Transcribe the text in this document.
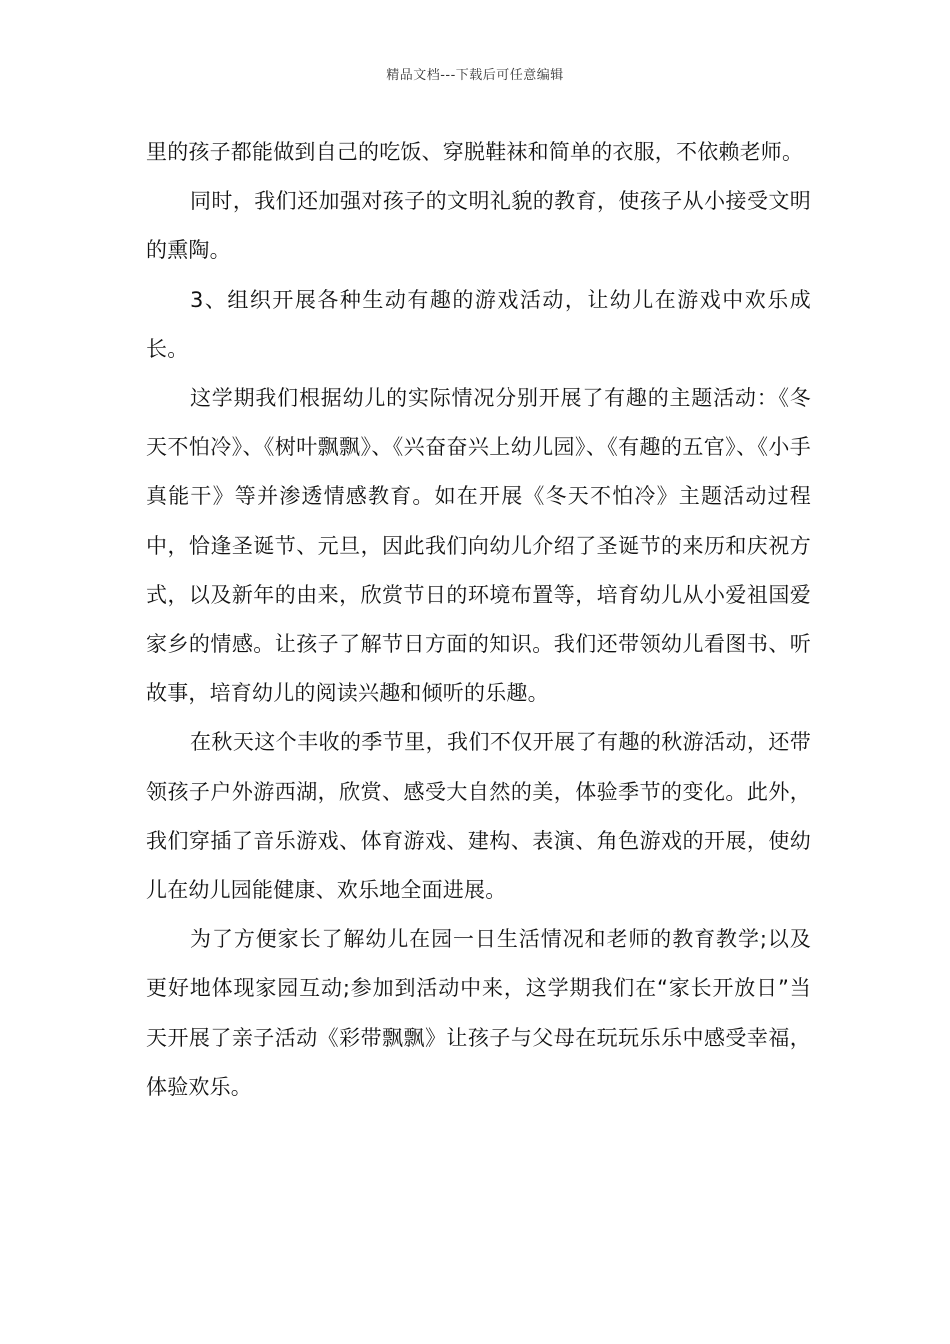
精品文档---下载后可任意编辑

里的孩子都能做到自己的吃饭、穿脱鞋袜和简单的衣服，不依赖老师。

同时，我们还加强对孩子的文明礼貌的教育，使孩子从小接受文明的熏陶。

3、组织开展各种生动有趣的游戏活动，让幼儿在游戏中欢乐成长。

这学期我们根据幼儿的实际情况分别开展了有趣的主题活动：《冬天不怕冷》、《树叶飘飘》、《兴奋奋兴上幼儿园》、《有趣的五官》、《小手真能干》等并渗透情感教育。如在开展《冬天不怕冷》主题活动过程中，恰逢圣诞节、元旦，因此我们向幼儿介绍了圣诞节的来历和庆祝方式，以及新年的由来，欣赏节日的环境布置等，培育幼儿从小爱祖国爱家乡的情感。让孩子了解节日方面的知识。我们还带领幼儿看图书、听故事，培育幼儿的阅读兴趣和倾听的乐趣。

在秋天这个丰收的季节里，我们不仅开展了有趣的秋游活动，还带领孩子户外游西湖，欣赏、感受大自然的美，体验季节的变化。此外，我们穿插了音乐游戏、体育游戏、建构、表演、角色游戏的开展，使幼儿在幼儿园能健康、欢乐地全面进展。

为了方便家长了解幼儿在园一日生活情况和老师的教育教学;以及更好地体现家园互动;参加到活动中来，这学期我们在“家长开放日”当天开展了亲子活动《彩带飘飘》让孩子与父母在玩玩乐乐中感受幸福，体验欢乐。
